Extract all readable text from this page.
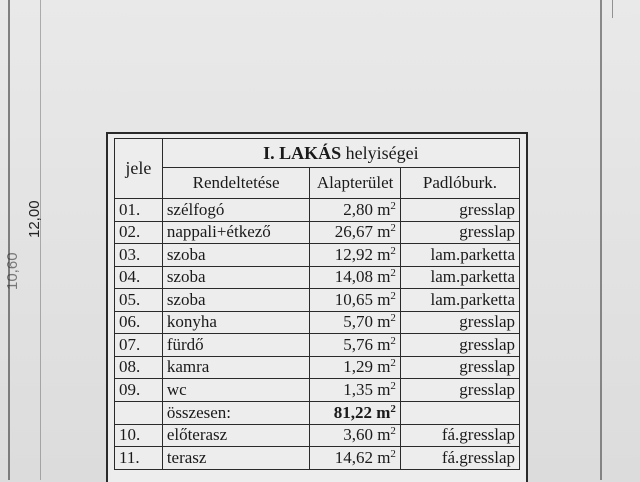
12,00
10,60
jele	I. LAKÁS helyiségei		
	Rendeltetése	Alapterület	Padlóburk.
01.	szélfogó	2,80 $m^2$	gresslap
02.	nappali+étkező	26,67 $m^2$	gresslap
03.	szoba	12,92 $m^2$	lam.parketta
04.	szoba	14,08 $m^2$	lam.parketta
05.	szoba	10,65 $m^2$	lam.parketta
06.	konyha	5,70 $m^2$	gresslap
07.	fürdő	5,76 $m^2$	gresslap
08.	kamra	1,29 $m^2$	gresslap
09.	wc	1,35 $m^2$	gresslap
	összesen:	81,22 $m^2$	
10.	előterasz	3,60 $m^2$	fá.gresslap
11.	terasz	14,62 $m^2$	fá.gresslap
